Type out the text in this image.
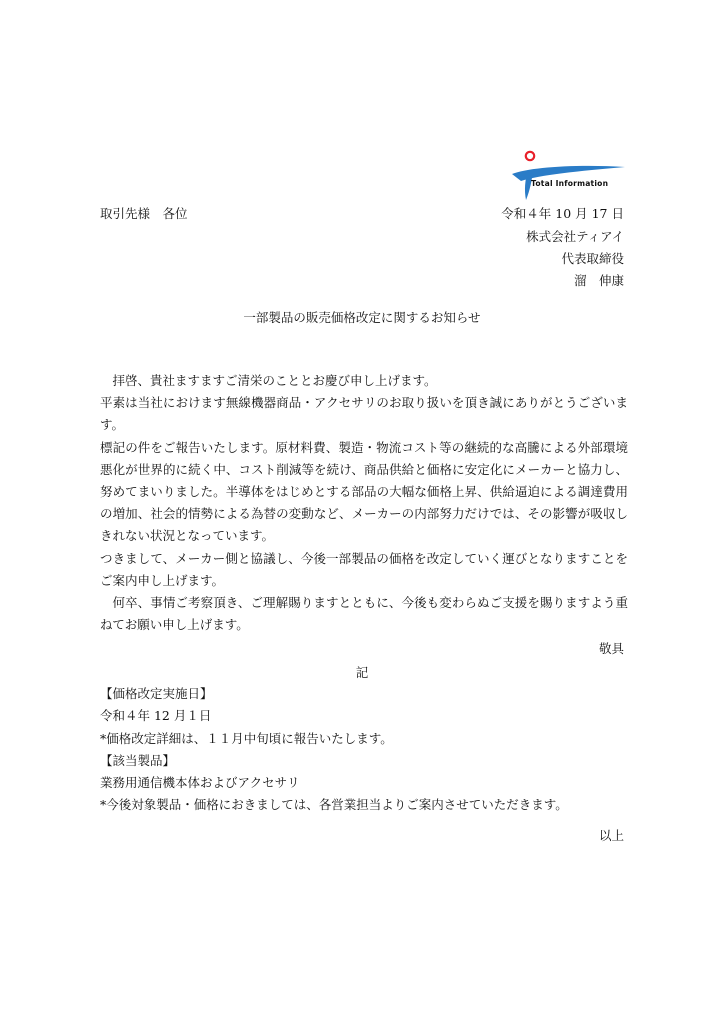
Total Information
取引先様　各位	令和４年 10 月 17 日
株式会社ティアイ
代表取締役
溜　伸康
一部製品の販売価格改定に関するお知らせ

拝啓、貴社ますますご清栄のこととお慶び申し上げます。

平素は当社におけます無線機器商品・アクセサリのお取り扱いを頂き誠にありがとうございます。

標記の件をご報告いたします。原材料費、製造・物流コスト等の継続的な高騰による外部環境悪化が世界的に続く中、コスト削減等を続け、商品供給と価格に安定化にメーカーと協力し、努めてまいりました。半導体をはじめとする部品の大幅な価格上昇、供給逼迫による調達費用の増加、社会的情勢による為替の変動など、メーカーの内部努力だけでは、その影響が吸収しきれない状況となっています。

つきまして、メーカー側と協議し、今後一部製品の価格を改定していく運びとなりますことをご案内申し上げます。

何卒、事情ご考察頂き、ご理解賜りますとともに、今後も変わらぬご支援を賜りますよう重ねてお願い申し上げます。

敬具
記
【価格改定実施日】
令和４年 12 月１日
*価格改定詳細は、１１月中旬頃に報告いたします。
【該当製品】
業務用通信機本体およびアクセサリ
*今後対象製品・価格におきましては、各営業担当よりご案内させていただきます。
以上
